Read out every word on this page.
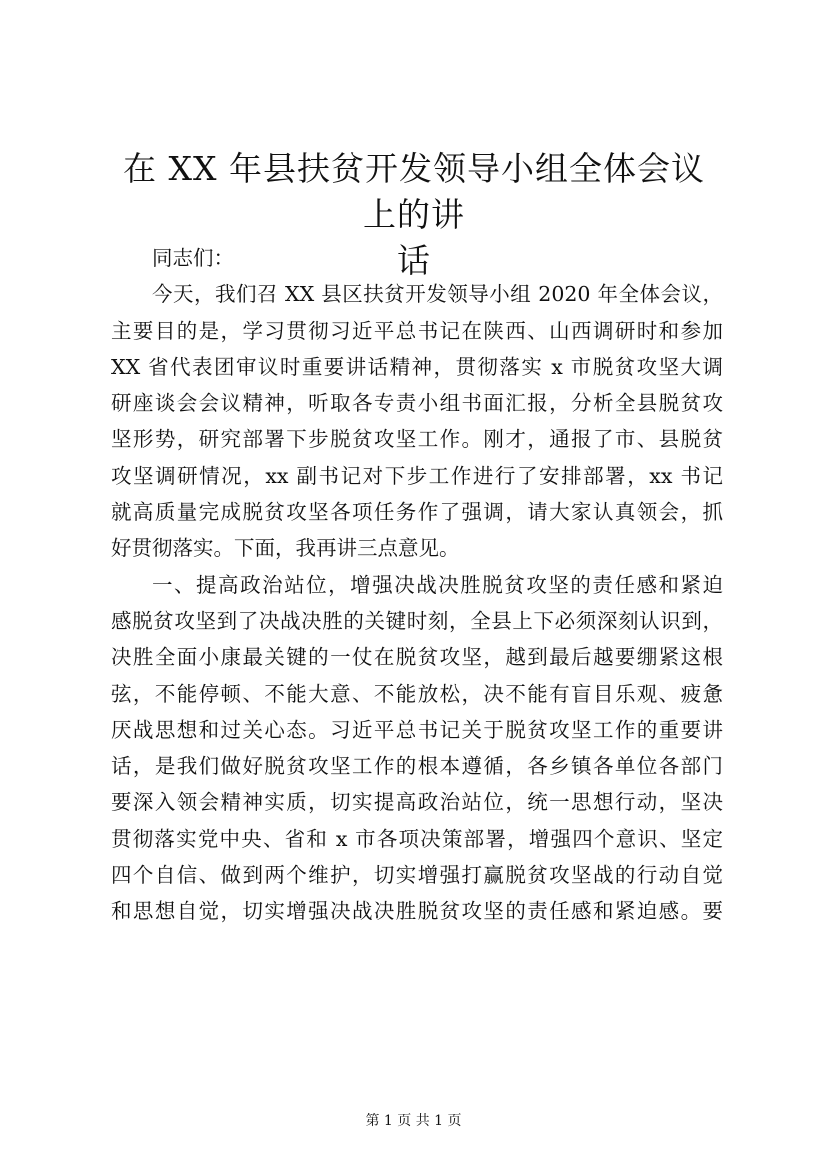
在 XX 年县扶贫开发领导小组全体会议上的讲
话

同志们：

今天，我们召 XX 县区扶贫开发领导小组 2020 年全体会议，

主要目的是，学习贯彻习近平总书记在陕西、山西调研时和参加

XX 省代表团审议时重要讲话精神，贯彻落实 x 市脱贫攻坚大调

研座谈会会议精神，听取各专责小组书面汇报，分析全县脱贫攻

坚形势，研究部署下步脱贫攻坚工作。刚才，通报了市、县脱贫

攻坚调研情况，xx 副书记对下步工作进行了安排部署，xx 书记

就高质量完成脱贫攻坚各项任务作了强调，请大家认真领会，抓

好贯彻落实。下面，我再讲三点意见。

一、提高政治站位，增强决战决胜脱贫攻坚的责任感和紧迫

感脱贫攻坚到了决战决胜的关键时刻，全县上下必须深刻认识到，

决胜全面小康最关键的一仗在脱贫攻坚，越到最后越要绷紧这根

弦，不能停顿、不能大意、不能放松，决不能有盲目乐观、疲惫

厌战思想和过关心态。习近平总书记关于脱贫攻坚工作的重要讲

话，是我们做好脱贫攻坚工作的根本遵循，各乡镇各单位各部门

要深入领会精神实质，切实提高政治站位，统一思想行动，坚决

贯彻落实党中央、省和 x 市各项决策部署，增强四个意识、坚定

四个自信、做到两个维护，切实增强打赢脱贫攻坚战的行动自觉

和思想自觉，切实增强决战决胜脱贫攻坚的责任感和紧迫感。要

第 1 页 共 1 页
